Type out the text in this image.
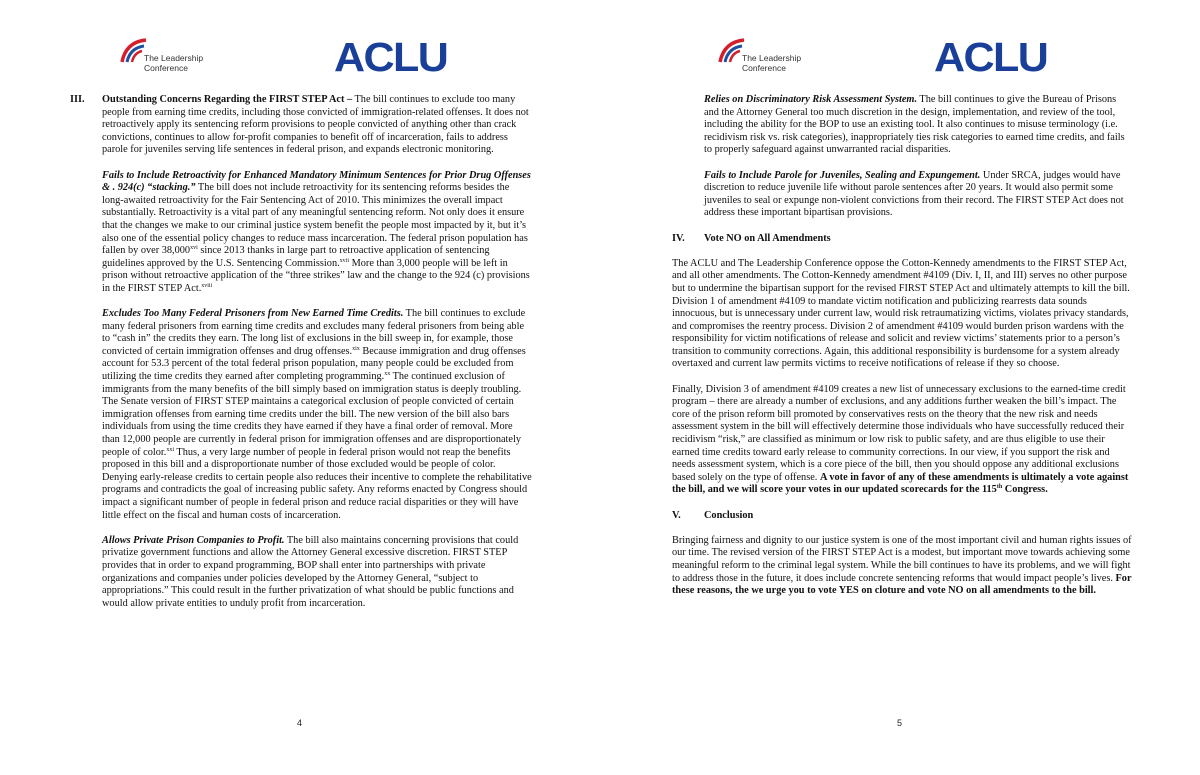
The Leadership
Conference	ACLU
III.	Outstanding Concerns Regarding the FIRST STEP Act – The bill continues to exclude too many people from earning time credits, including those convicted of immigration-related offenses. It does not retroactively apply its sentencing reform provisions to people convicted of anything other than crack convictions, continues to allow for-profit companies to benefit off of incarceration, fails to address parole for juveniles serving life sentences in federal prison, and expands electronic monitoring.

Fails to Include Retroactivity for Enhanced Mandatory Minimum Sentences for Prior Drug Offenses & . 924(c) “stacking.” The bill does not include retroactivity for its sentencing reforms besides the long-awaited retroactivity for the Fair Sentencing Act of 2010. This minimizes the overall impact substantially. Retroactivity is a vital part of any meaningful sentencing reform. Not only does it ensure that the changes we make to our criminal justice system benefit the people most impacted by it, but it’s also one of the essential policy changes to reduce mass incarceration. The federal prison population has fallen by over 38,000$^{xvi}$ since 2013 thanks in large part to retroactive application of sentencing guidelines approved by the U.S. Sentencing Commission.$^{xvii}$ More than 3,000 people will be left in prison without retroactive application of the “three strikes” law and the change to the 924 (c) provisions in the FIRST STEP Act.$^{xviii}$

Excludes Too Many Federal Prisoners from New Earned Time Credits. The bill continues to exclude many federal prisoners from earning time credits and excludes many federal prisoners from being able to “cash in” the credits they earn. The long list of exclusions in the bill sweep in, for example, those convicted of certain immigration offenses and drug offenses.$^{xix}$ Because immigration and drug offenses account for 53.3 percent of the total federal prison population, many people could be excluded from utilizing the time credits they earned after completing programming.$^{xx}$ The continued exclusion of immigrants from the many benefits of the bill simply based on immigration status is deeply troubling. The Senate version of FIRST STEP maintains a categorical exclusion of people convicted of certain immigration offenses from earning time credits under the bill. The new version of the bill also bars individuals from using the time credits they have earned if they have a final order of removal. More than 12,000 people are currently in federal prison for immigration offenses and are disproportionately people of color.$^{xxi}$ Thus, a very large number of people in federal prison would not reap the benefits proposed in this bill and a disproportionate number of those excluded would be people of color. Denying early-release credits to certain people also reduces their incentive to complete the rehabilitative programs and contradicts the goal of increasing public safety. Any reforms enacted by Congress should impact a significant number of people in federal prison and reduce racial disparities or they will have little effect on the fiscal and human costs of incarceration.

Allows Private Prison Companies to Profit. The bill also maintains concerning provisions that could privatize government functions and allow the Attorney General excessive discretion. FIRST STEP provides that in order to expand programming, BOP shall enter into partnerships with private organizations and companies under policies developed by the Attorney General, “subject to appropriations.” This could result in the further privatization of what should be public functions and would allow private entities to unduly profit from incarceration.

4
The Leadership
Conference	ACLU

Relies on Discriminatory Risk Assessment System. The bill continues to give the Bureau of Prisons and the Attorney General too much discretion in the design, implementation, and review of the tool, including the ability for the BOP to use an existing tool. It also continues to misuse terminology (i.e. recidivism risk vs. risk categories), inappropriately ties risk categories to earned time credits, and fails to properly safeguard against unwarranted racial disparities.

Fails to Include Parole for Juveniles, Sealing and Expungement. Under SRCA, judges would have discretion to reduce juvenile life without parole sentences after 20 years. It would also permit some juveniles to seal or expunge non-violent convictions from their record. The FIRST STEP Act does not address these important bipartisan provisions.

IV.	Vote NO on All Amendments

The ACLU and The Leadership Conference oppose the Cotton-Kennedy amendments to the FIRST STEP Act, and all other amendments. The Cotton-Kennedy amendment #4109 (Div. I, II, and III) serves no other purpose but to undermine the bipartisan support for the revised FIRST STEP Act and ultimately attempts to kill the bill. Division 1 of amendment #4109 to mandate victim notification and publicizing rearrests data sounds innocuous, but is unnecessary under current law, would risk retraumatizing victims, violates privacy standards, and compromises the reentry process. Division 2 of amendment #4109 would burden prison wardens with the responsibility for victim notifications of release and solicit and review victims’ statements prior to a person’s transition to community corrections. Again, this additional responsibility is burdensome for a system already overtaxed and current law permits victims to receive notifications of release if they so choose.

Finally, Division 3 of amendment #4109 creates a new list of unnecessary exclusions to the earned-time credit program – there are already a number of exclusions, and any additions further weaken the bill’s impact. The core of the prison reform bill promoted by conservatives rests on the theory that the new risk and needs assessment system in the bill will effectively determine those individuals who have successfully reduced their recidivism “risk,” are classified as minimum or low risk to public safety, and are thus eligible to use their earned time credits toward early release to community corrections. In our view, if you support the risk and needs assessment system, which is a core piece of the bill, then you should oppose any additional exclusions based solely on the type of offense. A vote in favor of any of these amendments is ultimately a vote against the bill, and we will score your votes in our updated scorecards for the 115th Congress.

V.	Conclusion

Bringing fairness and dignity to our justice system is one of the most important civil and human rights issues of our time. The revised version of the FIRST STEP Act is a modest, but important move towards achieving some meaningful reform to the criminal legal system. While the bill continues to have its problems, and we will fight to address those in the future, it does include concrete sentencing reforms that would impact people’s lives. For these reasons, the we urge you to vote YES on cloture and vote NO on all amendments to the bill.

5
